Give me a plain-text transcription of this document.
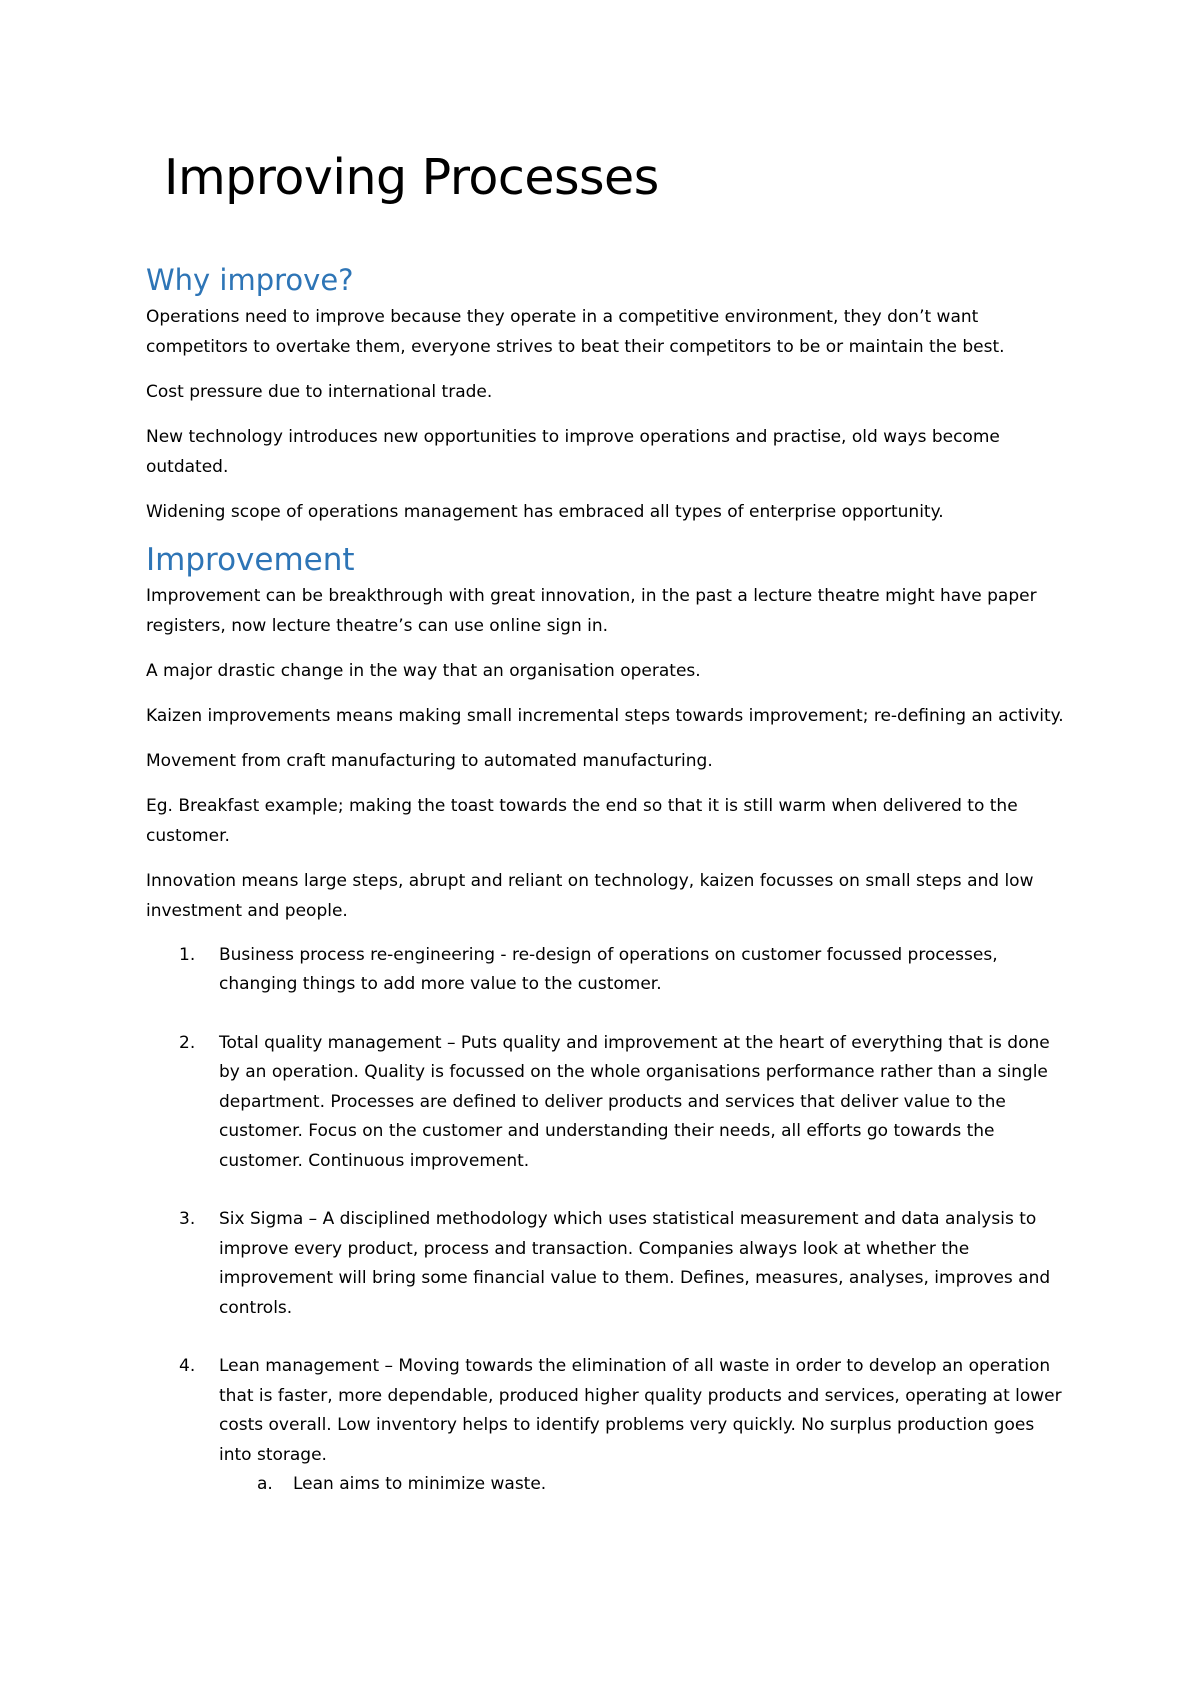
Improving Processes
Why improve?

Operations need to improve because they operate in a competitive environment, they don’t want competitors to overtake them, everyone strives to beat their competitors to be or maintain the best.

Cost pressure due to international trade.

New technology introduces new opportunities to improve operations and practise, old ways become outdated.

Widening scope of operations management has embraced all types of enterprise opportunity.

Improvement

Improvement can be breakthrough with great innovation, in the past a lecture theatre might have paper registers, now lecture theatre’s can use online sign in.

A major drastic change in the way that an organisation operates.

Kaizen improvements means making small incremental steps towards improvement; re-defining an activity.

Movement from craft manufacturing to automated manufacturing.

Eg. Breakfast example; making the toast towards the end so that it is still warm when delivered to the customer.

Innovation means large steps, abrupt and reliant on technology, kaizen focusses on small steps and low investment and people.

1. Business process re-engineering - re-design of operations on customer focussed processes, changing things to add more value to the customer.
2. Total quality management – Puts quality and improvement at the heart of everything that is done by an operation. Quality is focussed on the whole organisations performance rather than a single department. Processes are defined to deliver products and services that deliver value to the customer. Focus on the customer and understanding their needs, all efforts go towards the customer. Continuous improvement.
3. Six Sigma – A disciplined methodology which uses statistical measurement and data analysis to improve every product, process and transaction. Companies always look at whether the improvement will bring some financial value to them. Defines, measures, analyses, improves and controls.
4. Lean management – Moving towards the elimination of all waste in order to develop an operation that is faster, more dependable, produced higher quality products and services, operating at lower costs overall. Low inventory helps to identify problems very quickly. No surplus production goes into storage.
a. Lean aims to minimize waste.
